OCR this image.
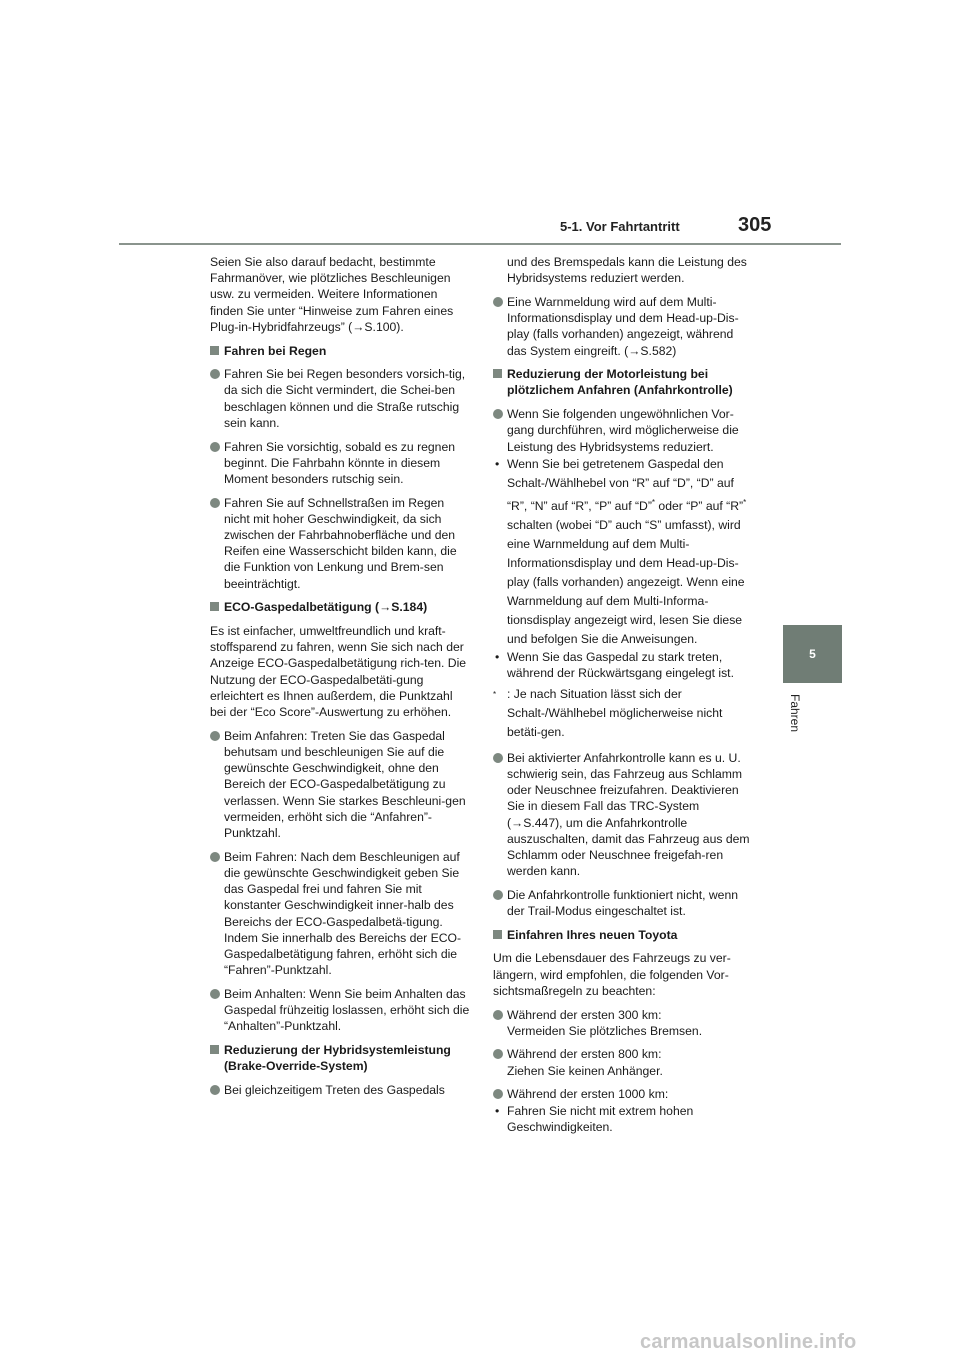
5-1. Vor Fahrtantritt	305
5
Fahren

Seien Sie also darauf bedacht, bestimmte Fahrmanöver, wie plötzliches Beschleunigen usw. zu vermeiden. Weitere Informationen finden Sie unter “Hinweise zum Fahren eines Plug-in-Hybridfahrzeugs” (→S.100).

Fahren bei Regen

Fahren Sie bei Regen besonders vorsich-tig, da sich die Sicht vermindert, die Schei-ben beschlagen können und die Straße rutschig sein kann.

Fahren Sie vorsichtig, sobald es zu regnen beginnt. Die Fahrbahn könnte in diesem Moment besonders rutschig sein.

Fahren Sie auf Schnellstraßen im Regen nicht mit hoher Geschwindigkeit, da sich zwischen der Fahrbahnoberfläche und den Reifen eine Wasserschicht bilden kann, die die Funktion von Lenkung und Brem-sen beeinträchtigt.

ECO-Gaspedalbetätigung (→S.184)

Es ist einfacher, umweltfreundlich und kraft-stoffsparend zu fahren, wenn Sie sich nach der Anzeige ECO-Gaspedalbetätigung rich-ten. Die Nutzung der ECO-Gaspedalbetäti-gung erleichtert es Ihnen außerdem, die Punktzahl bei der “Eco Score”-Auswertung zu erhöhen.

Beim Anfahren: Treten Sie das Gaspedal behutsam und beschleunigen Sie auf die gewünschte Geschwindigkeit, ohne den Bereich der ECO-Gaspedalbetätigung zu verlassen. Wenn Sie starkes Beschleuni-gen vermeiden, erhöht sich die “Anfahren”-Punktzahl.

Beim Fahren: Nach dem Beschleunigen auf die gewünschte Geschwindigkeit geben Sie das Gaspedal frei und fahren Sie mit konstanter Geschwindigkeit inner-halb des Bereichs der ECO-Gaspedalbetä-tigung. Indem Sie innerhalb des Bereichs der ECO-Gaspedalbetätigung fahren, erhöht sich die “Fahren”-Punktzahl.

Beim Anhalten: Wenn Sie beim Anhalten das Gaspedal frühzeitig loslassen, erhöht sich die “Anhalten”-Punktzahl.

Reduzierung der Hybridsystemleistung (Brake-Override-System)

Bei gleichzeitigem Treten des Gaspedals

und des Bremspedals kann die Leistung des Hybridsystems reduziert werden.

Eine Warnmeldung wird auf dem Multi-Informationsdisplay und dem Head-up-Dis-play (falls vorhanden) angezeigt, während das System eingreift. (→S.582)

Reduzierung der Motorleistung bei plötzlichem Anfahren (Anfahrkontrolle)

Wenn Sie folgenden ungewöhnlichen Vor-gang durchführen, wird möglicherweise die Leistung des Hybridsystems reduziert.

• Wenn Sie bei getretenem Gaspedal den Schalt-/Wählhebel von “R” auf “D”, “D” auf “R”, “N” auf “R”, “P” auf “D”* oder “P” auf “R”* schalten (wobei “D” auch “S” umfasst), wird eine Warnmeldung auf dem Multi-Informationsdisplay und dem Head-up-Dis-play (falls vorhanden) angezeigt. Wenn eine Warnmeldung auf dem Multi-Informa-tionsdisplay angezeigt wird, lesen Sie diese und befolgen Sie die Anweisungen.

• Wenn Sie das Gaspedal zu stark treten, während der Rückwärtsgang eingelegt ist.

* : Je nach Situation lässt sich der Schalt-/Wählhebel möglicherweise nicht betäti-gen.

Bei aktivierter Anfahrkontrolle kann es u. U. schwierig sein, das Fahrzeug aus Schlamm oder Neuschnee freizufahren. Deaktivieren Sie in diesem Fall das TRC-System (→S.447), um die Anfahrkontrolle auszuschalten, damit das Fahrzeug aus dem Schlamm oder Neuschnee freigefah-ren werden kann.

Die Anfahrkontrolle funktioniert nicht, wenn der Trail-Modus eingeschaltet ist.

Einfahren Ihres neuen Toyota

Um die Lebensdauer des Fahrzeugs zu ver-längern, wird empfohlen, die folgenden Vor-sichtsmaßregeln zu beachten:

Während der ersten 300 km:
Vermeiden Sie plötzliches Bremsen.

Während der ersten 800 km:
Ziehen Sie keinen Anhänger.

Während der ersten 1000 km:

• Fahren Sie nicht mit extrem hohen Geschwindigkeiten.

carmanualsonline.info
